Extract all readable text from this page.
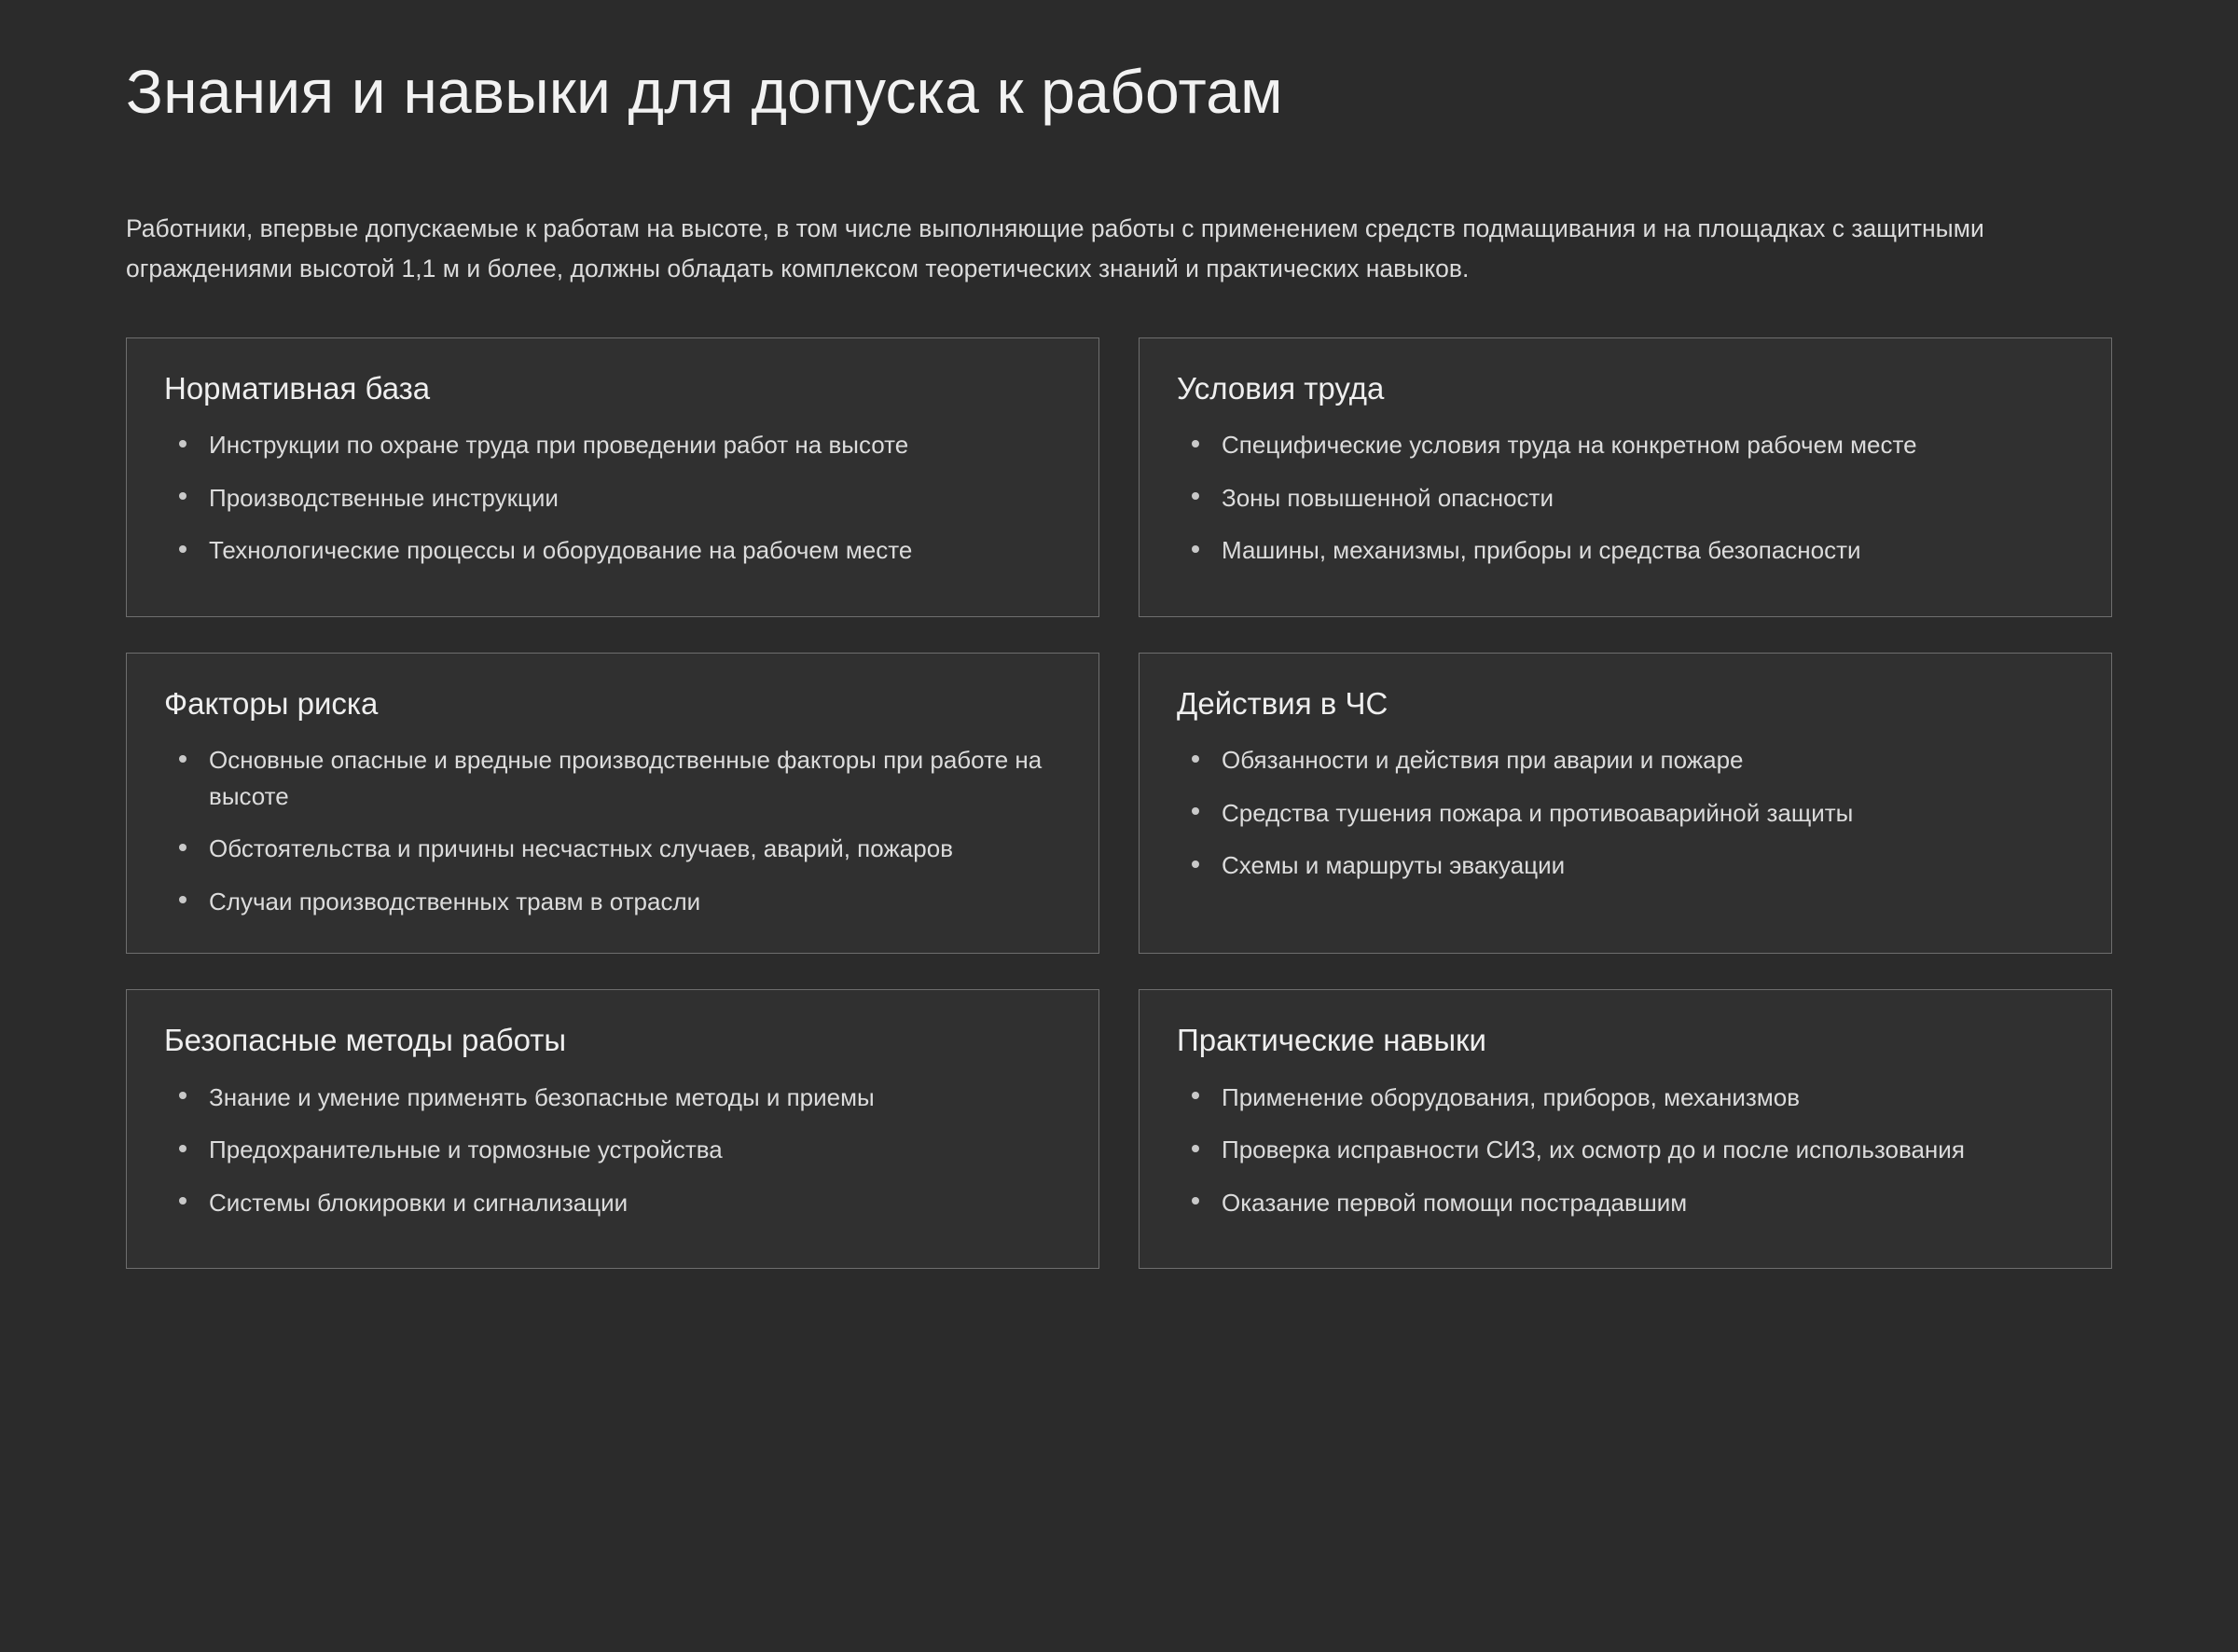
Знания и навыки для допуска к работам

Работники, впервые допускаемые к работам на высоте, в том числе выполняющие работы с применением средств подмащивания и на площадках с защитными ограждениями высотой 1,1 м и более, должны обладать комплексом теоретических знаний и практических навыков.

Нормативная база
Инструкции по охране труда при проведении работ на высоте
Производственные инструкции
Технологические процессы и оборудование на рабочем месте
Условия труда
Специфические условия труда на конкретном рабочем месте
Зоны повышенной опасности
Машины, механизмы, приборы и средства безопасности
Факторы риска
Основные опасные и вредные производственные факторы при работе на высоте
Обстоятельства и причины несчастных случаев, аварий, пожаров
Случаи производственных травм в отрасли
Действия в ЧС
Обязанности и действия при аварии и пожаре
Средства тушения пожара и противоаварийной защиты
Схемы и маршруты эвакуации
Безопасные методы работы
Знание и умение применять безопасные методы и приемы
Предохранительные и тормозные устройства
Системы блокировки и сигнализации
Практические навыки
Применение оборудования, приборов, механизмов
Проверка исправности СИЗ, их осмотр до и после использования
Оказание первой помощи пострадавшим
